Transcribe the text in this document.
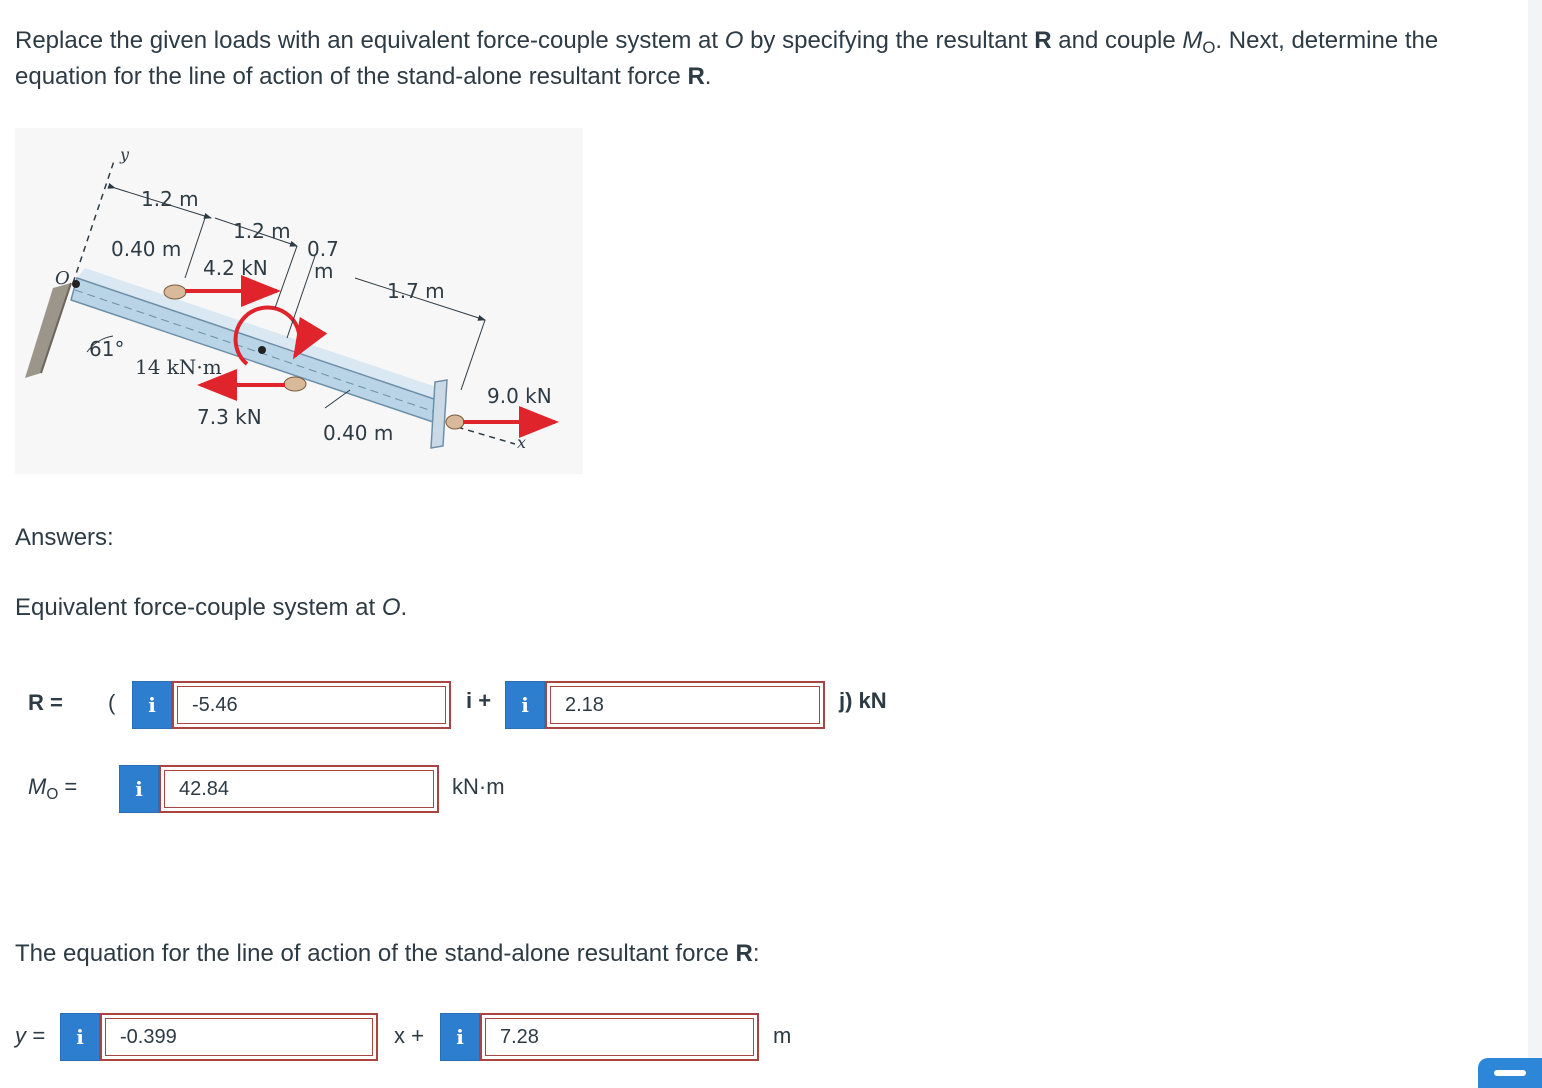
Replace the given loads with an equivalent force-couple system at O by specifying the resultant R and couple $M_O$. Next, determine the equation for the line of action of the stand-alone resultant force R.
y
O
x
1.2 m
1.2 m
0.40 m	0.7
m
1.7 m
0.40 m
61°
4.2 kN
7.3 kN
9.0 kN
14 kN·m
Answers:
Equivalent force-couple system at O.
R = ( i
-5.46	i + i
2.18	j) kN
$M_O$ =	i
42.84	kN·m
The equation for the line of action of the stand-alone resultant force R:
y = i
-0.399	x + i
7.28	m
